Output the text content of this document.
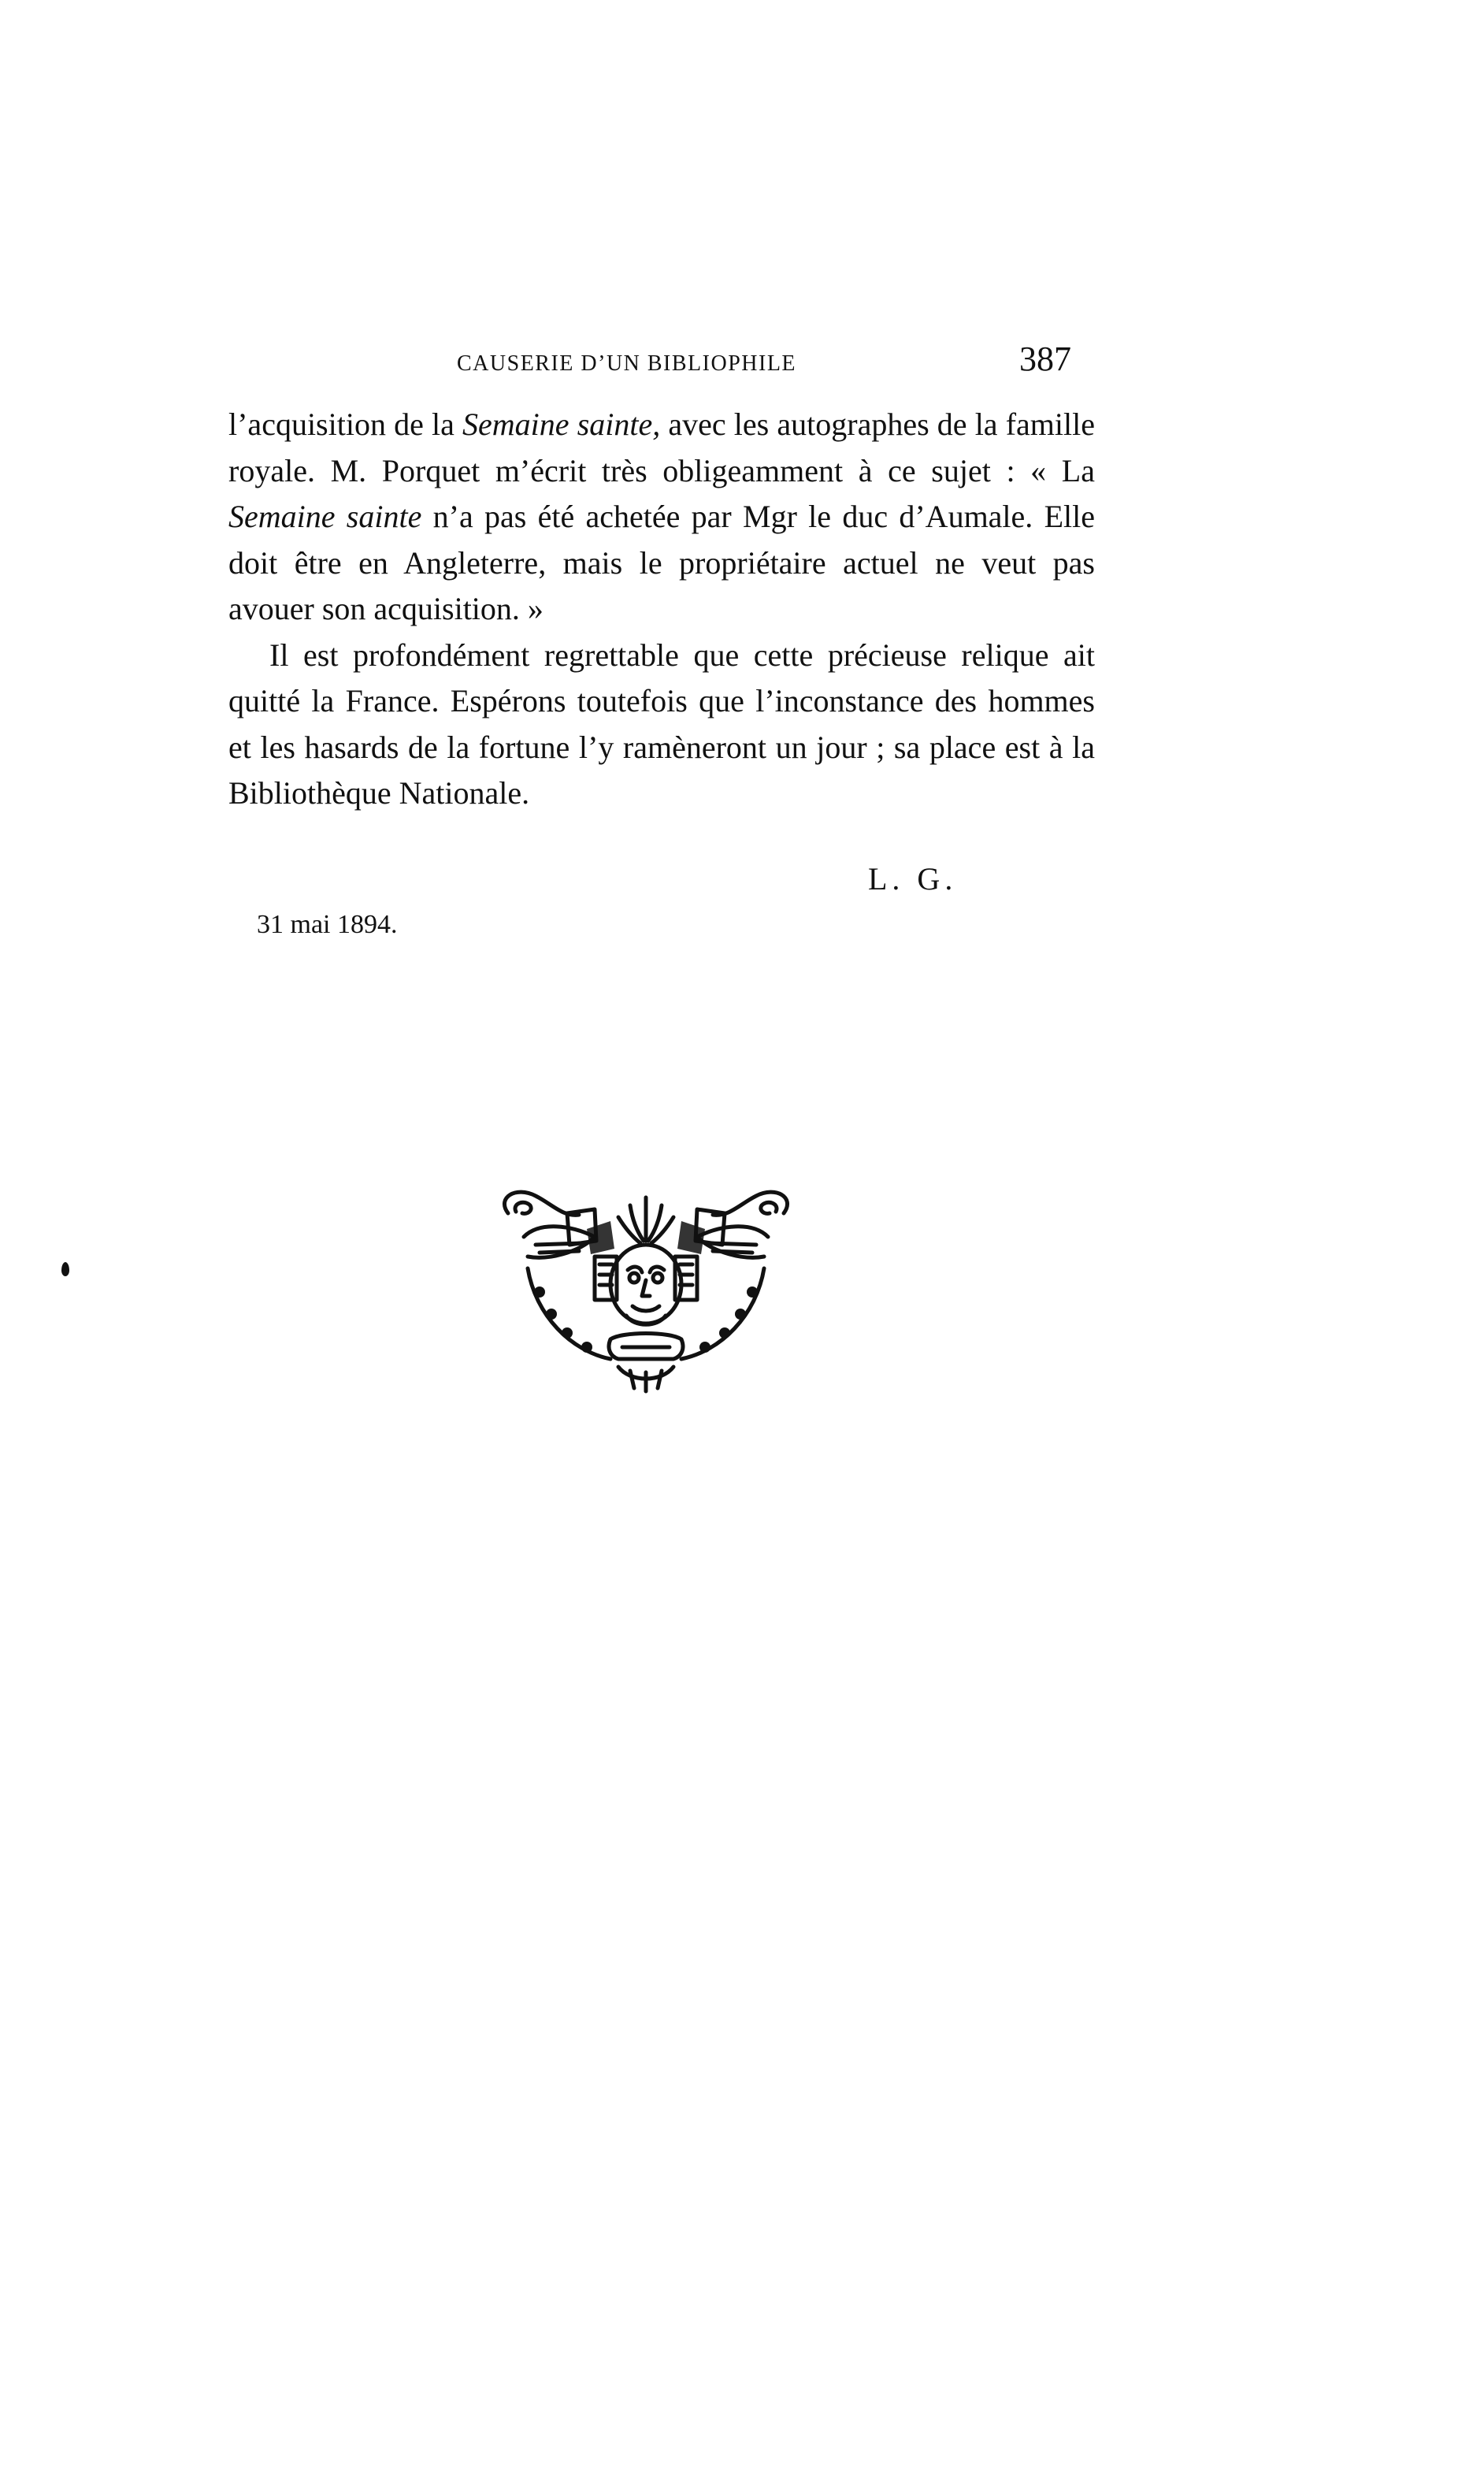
CAUSERIE D’UN BIBLIOPHILE	387

l’acquisition de la Semaine sainte, avec les autographes de la famille royale. M. Porquet m’écrit très obligeamment à ce sujet : « La Semaine sainte n’a pas été achetée par Mgr le duc d’Aumale. Elle doit être en Angleterre, mais le propriétaire actuel ne veut pas avouer son acquisition. »

Il est profondément regrettable que cette précieuse relique ait quitté la France. Espérons toutefois que l’inconstance des hommes et les hasards de la fortune l’y ramèneront un jour ; sa place est à la Bibliothèque Nationale.

L. G.
31 mai 1894.
